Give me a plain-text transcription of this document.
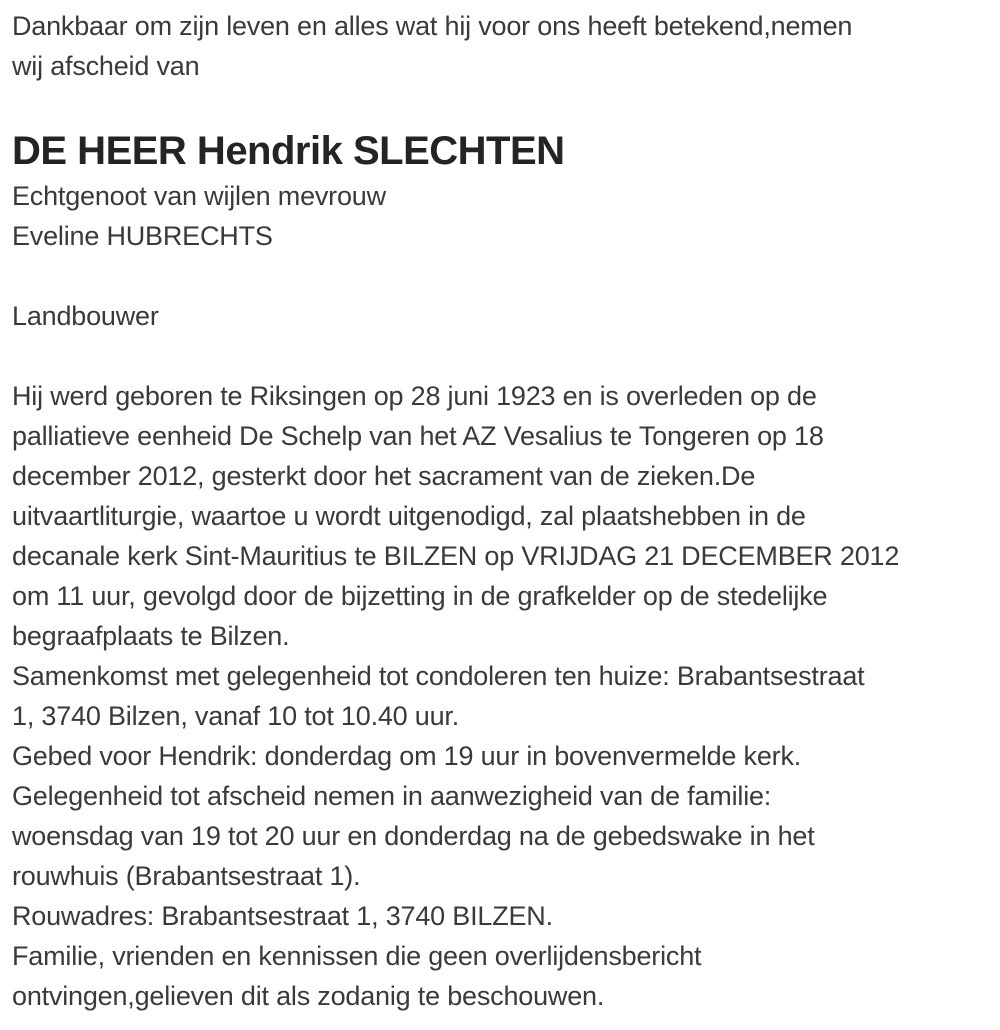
Dankbaar om zijn leven en alles wat hij voor ons heeft betekend,nemen
wij afscheid van
DE HEER Hendrik SLECHTEN
Echtgenoot van wijlen mevrouw
Eveline HUBRECHTS
Landbouwer
Hij werd geboren te Riksingen op 28 juni 1923 en is overleden op de
palliatieve eenheid De Schelp van het AZ Vesalius te Tongeren op 18
december 2012, gesterkt door het sacrament van de zieken.De
uitvaartliturgie, waartoe u wordt uitgenodigd, zal plaatshebben in de
decanale kerk Sint-Mauritius te BILZEN op VRIJDAG 21 DECEMBER 2012
om 11 uur, gevolgd door de bijzetting in de grafkelder op de stedelijke
begraafplaats te Bilzen.
Samenkomst met gelegenheid tot condoleren ten huize: Brabantsestraat
1, 3740 Bilzen, vanaf 10 tot 10.40 uur.
Gebed voor Hendrik: donderdag om 19 uur in bovenvermelde kerk.
Gelegenheid tot afscheid nemen in aanwezigheid van de familie:
woensdag van 19 tot 20 uur en donderdag na de gebedswake in het
rouwhuis (Brabantsestraat 1).
Rouwadres: Brabantsestraat 1, 3740 BILZEN.
Familie, vrienden en kennissen die geen overlijdensbericht
ontvingen,gelieven dit als zodanig te beschouwen.
